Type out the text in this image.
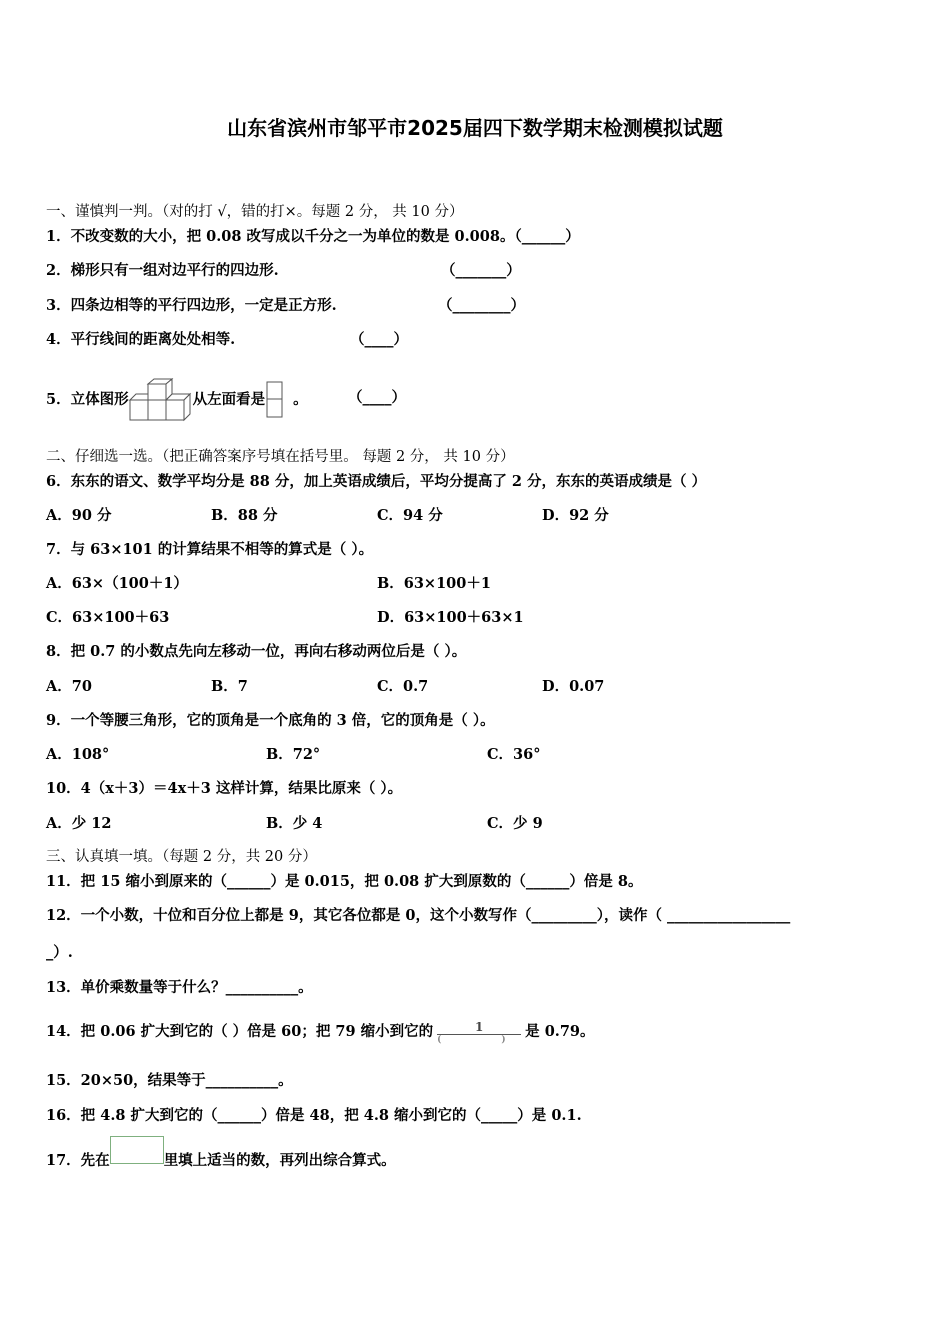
山东省滨州市邹平市2025届四下数学期末检测模拟试题
一、谨慎判一判。（对的打 √，错的打×。每题 2 分， 共 10 分）
1．不改变数的大小，把 0.08 改写成以千分之一为单位的数是 0.008。（______）
2．梯形只有一组对边平行的四边形.	（_______）
3．四条边相等的平行四边形，一定是正方形.	（________）
4．平行线间的距离处处相等.	（____）
5．立体图形	从左面看是 。	（____）
二、仔细选一选。（把正确答案序号填在括号里。 每题 2 分， 共 10 分）
6．东东的语文、数学平均分是 88 分，加上英语成绩后，平均分提高了 2 分，东东的英语成绩是（ ）
A．90 分	B．88 分	C．94 分	D．92 分
7．与 63×101 的计算结果不相等的算式是（ ）。
A．63×（100＋1）	B．63×100＋1
C．63×100＋63	D．63×100＋63×1
8．把 0.7 的小数点先向左移动一位，再向右移动两位后是（ ）。
A．70	B．7	C．0.7	D．0.07
9．一个等腰三角形，它的顶角是一个底角的 3 倍，它的顶角是（ ）。
A．108°	B．72°	C．36°
10．4（x＋3）＝4x＋3 这样计算，结果比原来（ ）。
A．少 12	B．少 4	C．少 9
三、认真填一填。（每题 2 分，共 20 分）
11．把 15 缩小到原来的（______）是 0.015，把 0.08 扩大到原数的（______）倍是 8。
12．一个小数，十位和百分位上都是 9，其它各位都是 0，这个小数写作（_________），读作（ _________________
_）.
13．单价乘数量等于什么？__________。
14．把 0.06 扩大到它的（ ）倍是 60；把 79 缩小到它的 $\frac{1}{()}$ 是 0.79。
15．20×50，结果等于__________。
16．把 4.8 扩大到它的（______）倍是 48，把 4.8 缩小到它的（_____）是 0.1.
17．先在	里填上适当的数，再列出综合算式。
